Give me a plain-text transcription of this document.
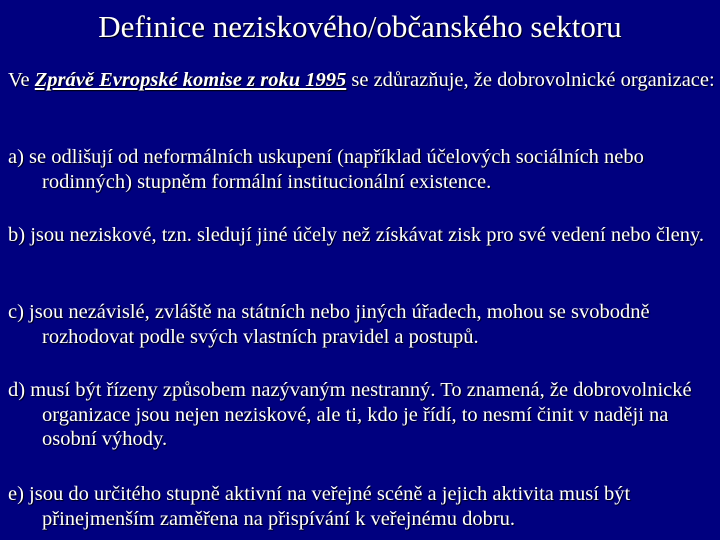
Definice neziskového/občanského sektoru
Ve Zprávě Evropské komise z roku 1995 se zdůrazňuje, že dobrovolnické organizace:
a) se odlišují od neformálních uskupení (například účelových sociálních nebo rodinných) stupněm formální institucionální existence.
b) jsou neziskové, tzn. sledují jiné účely než získávat zisk pro své vedení nebo členy.
c) jsou nezávislé, zvláště na státních nebo jiných úřadech, mohou se svobodně rozhodovat podle svých vlastních pravidel a postupů.
d) musí být řízeny způsobem nazývaným nestranný. To znamená, že dobrovolnické organizace jsou nejen neziskové, ale ti, kdo je řídí, to nesmí činit v naději na osobní výhody.
e) jsou do určitého stupně aktivní na veřejné scéně a jejich aktivita musí být přinejmenším zaměřena na přispívání k veřejnému dobru.
